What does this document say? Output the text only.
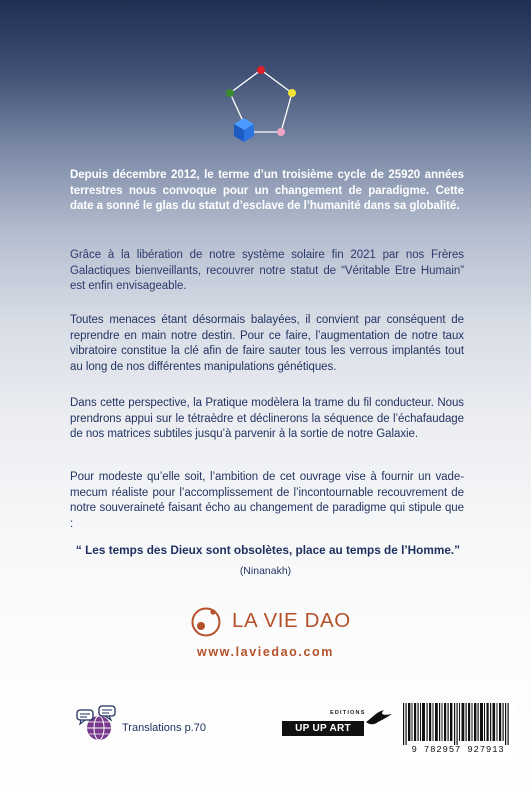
Depuis décembre 2012, le terme d’un troisième cycle de 25920 années terrestres nous convoque pour un changement de paradigme. Cette date a sonné le glas du statut d’esclave de l’humanité dans sa globalité.
Grâce à la libération de notre système solaire fin 2021 par nos Frères Galactiques bienveillants, recouvrer notre statut de “Véritable Etre Humain” est enfin envisageable.
Toutes menaces étant désormais balayées, il convient par conséquent de reprendre en main notre destin. Pour ce faire, l’augmentation de notre taux vibratoire constitue la clé afin de faire sauter tous les verrous implantés tout au long de nos différentes manipulations génétiques.
Dans cette perspective, la Pratique modèlera la trame du fil conducteur. Nous prendrons appui sur le tétraèdre et déclinerons la séquence de l’échafaudage de nos matrices subtiles jusqu’à parvenir à la sortie de notre Galaxie.
Pour modeste qu’elle soit, l’ambition de cet ouvrage vise à fournir un vade-mecum réaliste pour l’accomplissement de l’incontournable recouvrement de notre souveraineté faisant écho au changement de paradigme qui stipule que :
“ Les temps des Dieux sont obsolètes, place au temps de l’Homme.”
(Ninanakh)
LA VIE DAO
www.laviedao.com
Translations p.70
EDITIONS
UP UP ART
9 782957 927913
